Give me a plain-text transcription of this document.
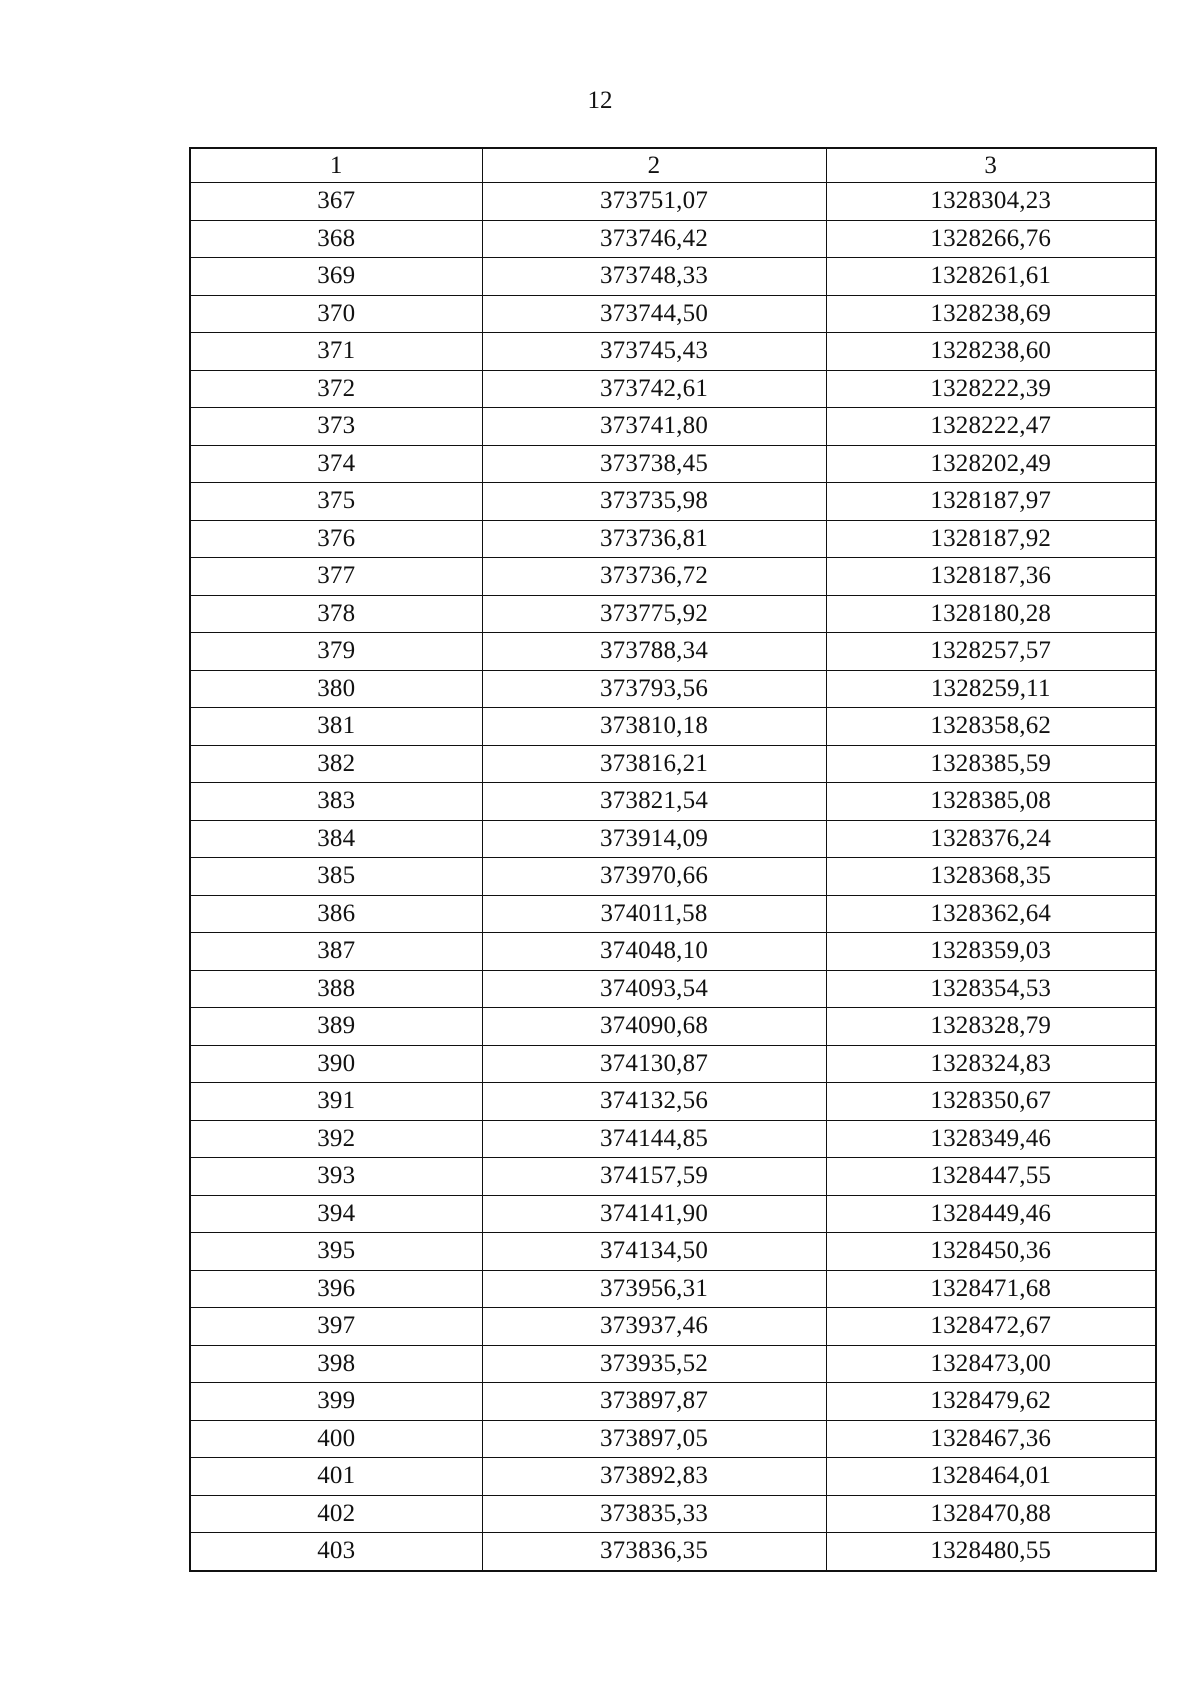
12
1	2	3
367	373751,07	1328304,23
368	373746,42	1328266,76
369	373748,33	1328261,61
370	373744,50	1328238,69
371	373745,43	1328238,60
372	373742,61	1328222,39
373	373741,80	1328222,47
374	373738,45	1328202,49
375	373735,98	1328187,97
376	373736,81	1328187,92
377	373736,72	1328187,36
378	373775,92	1328180,28
379	373788,34	1328257,57
380	373793,56	1328259,11
381	373810,18	1328358,62
382	373816,21	1328385,59
383	373821,54	1328385,08
384	373914,09	1328376,24
385	373970,66	1328368,35
386	374011,58	1328362,64
387	374048,10	1328359,03
388	374093,54	1328354,53
389	374090,68	1328328,79
390	374130,87	1328324,83
391	374132,56	1328350,67
392	374144,85	1328349,46
393	374157,59	1328447,55
394	374141,90	1328449,46
395	374134,50	1328450,36
396	373956,31	1328471,68
397	373937,46	1328472,67
398	373935,52	1328473,00
399	373897,87	1328479,62
400	373897,05	1328467,36
401	373892,83	1328464,01
402	373835,33	1328470,88
403	373836,35	1328480,55
